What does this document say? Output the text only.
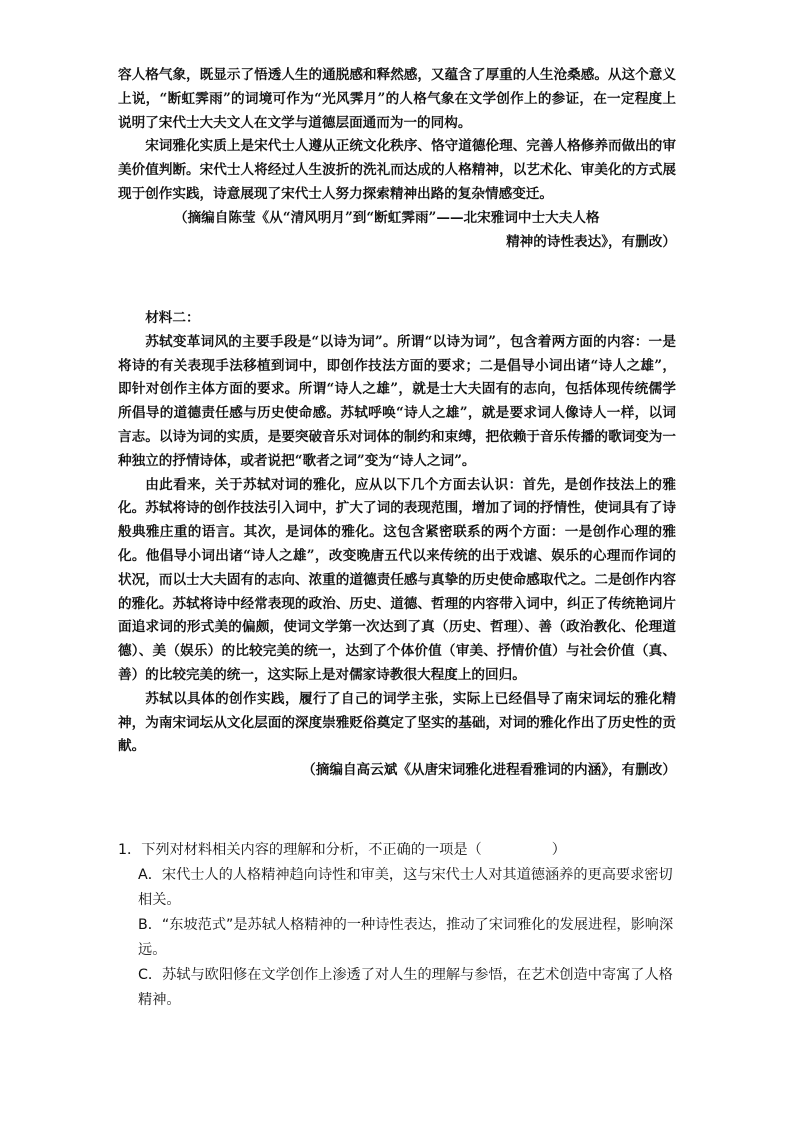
容人格气象，既显示了悟透人生的通脱感和释然感，又蕴含了厚重的人生沧桑感。从这个意义上说，“断虹霁雨”的词境可作为“光风霁月”的人格气象在文学创作上的参证，在一定程度上说明了宋代士大夫文人在文学与道德层面通而为一的同构。

宋词雅化实质上是宋代士人遵从正统文化秩序、恪守道德伦理、完善人格修养而做出的审美价值判断。宋代士人将经过人生波折的洗礼而达成的人格精神，以艺术化、审美化的方式展现于创作实践，诗意展现了宋代士人努力探索精神出路的复杂情感变迁。

（摘编自陈莹《从“清风明月”到“断虹霁雨”——北宋雅词中士大夫人格

精神的诗性表达》，有删改）

材料二：

苏轼变革词风的主要手段是“以诗为词”。所谓“以诗为词”，包含着两方面的内容：一是将诗的有关表现手法移植到词中，即创作技法方面的要求；二是倡导小词出诸“诗人之雄”，即针对创作主体方面的要求。所谓“诗人之雄”，就是士大夫固有的志向，包括体现传统儒学所倡导的道德责任感与历史使命感。苏轼呼唤“诗人之雄”，就是要求词人像诗人一样，以词言志。以诗为词的实质，是要突破音乐对词体的制约和束缚，把依赖于音乐传播的歌词变为一种独立的抒情诗体，或者说把“歌者之词”变为“诗人之词”。

由此看来，关于苏轼对词的雅化，应从以下几个方面去认识：首先，是创作技法上的雅化。苏轼将诗的创作技法引入词中，扩大了词的表现范围，增加了词的抒情性，使词具有了诗般典雅庄重的语言。其次，是词体的雅化。这包含紧密联系的两个方面：一是创作心理的雅化。他倡导小词出诸“诗人之雄”，改变晚唐五代以来传统的出于戏谑、娱乐的心理而作词的状况，而以士大夫固有的志向、浓重的道德责任感与真挚的历史使命感取代之。二是创作内容的雅化。苏轼将诗中经常表现的政治、历史、道德、哲理的内容带入词中，纠正了传统艳词片面追求词的形式美的偏颇，使词文学第一次达到了真（历史、哲理）、善（政治教化、伦理道德）、美（娱乐）的比较完美的统一，达到了个体价值（审美、抒情价值）与社会价值（真、善）的比较完美的统一，这实际上是对儒家诗教很大程度上的回归。

苏轼以具体的创作实践，履行了自己的词学主张，实际上已经倡导了南宋词坛的雅化精神，为南宋词坛从文化层面的深度崇雅贬俗奠定了坚实的基础，对词的雅化作出了历史性的贡献。

（摘编自高云斌《从唐宋词雅化进程看雅词的内涵》，有删改）

1．下列对材料相关内容的理解和分析，不正确的一项是（	）

A．宋代士人的人格精神趋向诗性和审美，这与宋代士人对其道德涵养的更高要求密切相关。

B．“东坡范式”是苏轼人格精神的一种诗性表达，推动了宋词雅化的发展进程，影响深远。

C．苏轼与欧阳修在文学创作上渗透了对人生的理解与参悟，在艺术创造中寄寓了人格精神。
